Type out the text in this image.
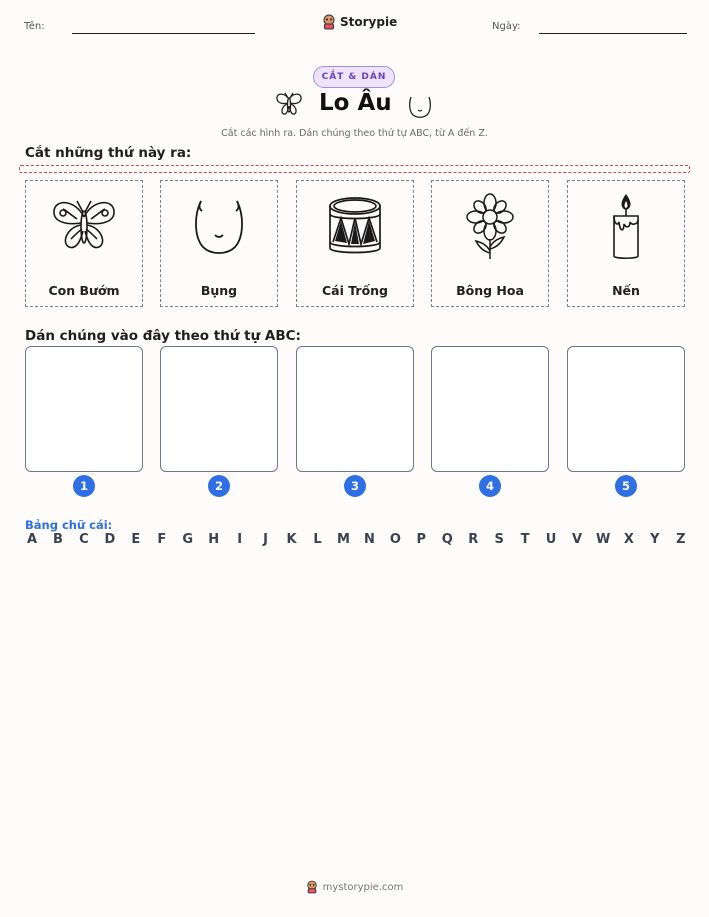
Tên:	Storypie	Ngày:
CẮT & DÁN
Lo Âu
Cắt các hình ra. Dán chúng theo thứ tự ABC, từ A đến Z.
Cắt những thứ này ra:
Con Bướm	Bụng	Cái Trống	Bông Hoa	Nến
Dán chúng vào đây theo thứ tự ABC:
1	2	3	4	5
Bảng chữ cái:
A B C D E F G H	I	J	K L M N O P Q R S T U V W X Y Z
mystorypie.com
